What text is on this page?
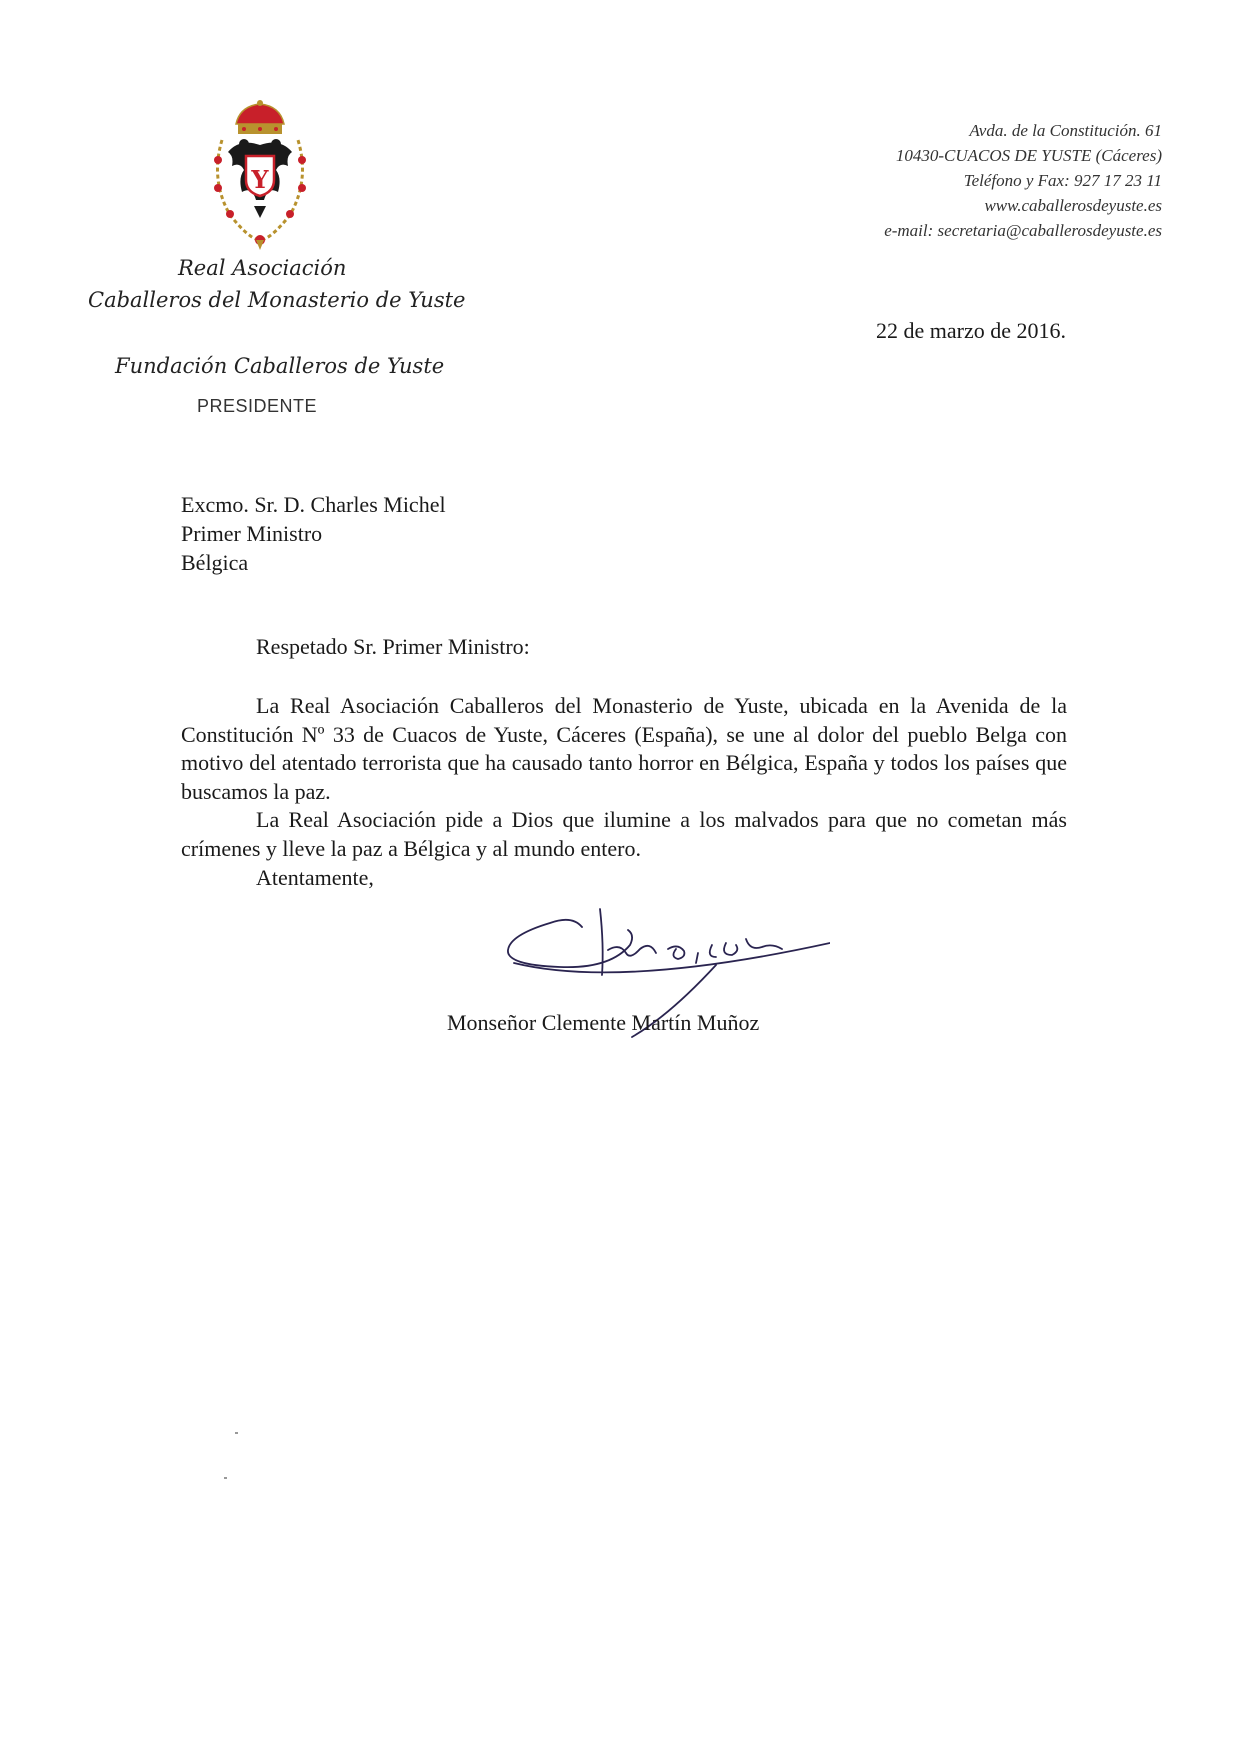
Y
Real Asociación
Caballeros del Monasterio de Yuste
Fundación Caballeros de Yuste
PRESIDENTE
Avda. de la Constitución. 61
10430-CUACOS DE YUSTE (Cáceres)
Teléfono y Fax: 927 17 23 11
www.caballerosdeyuste.es
e-mail: secretaria@caballerosdeyuste.es
22 de marzo de 2016.
Excmo. Sr. D. Charles Michel
Primer Ministro
Bélgica
Respetado Sr. Primer Ministro:

La Real Asociación Caballeros del Monasterio de Yuste, ubicada en la Avenida de la Constitución Nº 33 de Cuacos de Yuste, Cáceres (España), se une al dolor del pueblo Belga con motivo del atentado terrorista que ha causado tanto horror en Bélgica, España y todos los países que buscamos la paz.

La Real Asociación pide a Dios que ilumine a los malvados para que no cometan más crímenes y lleve la paz a Bélgica y al mundo entero.

Atentamente,
Monseñor Clemente Martín Muñoz
